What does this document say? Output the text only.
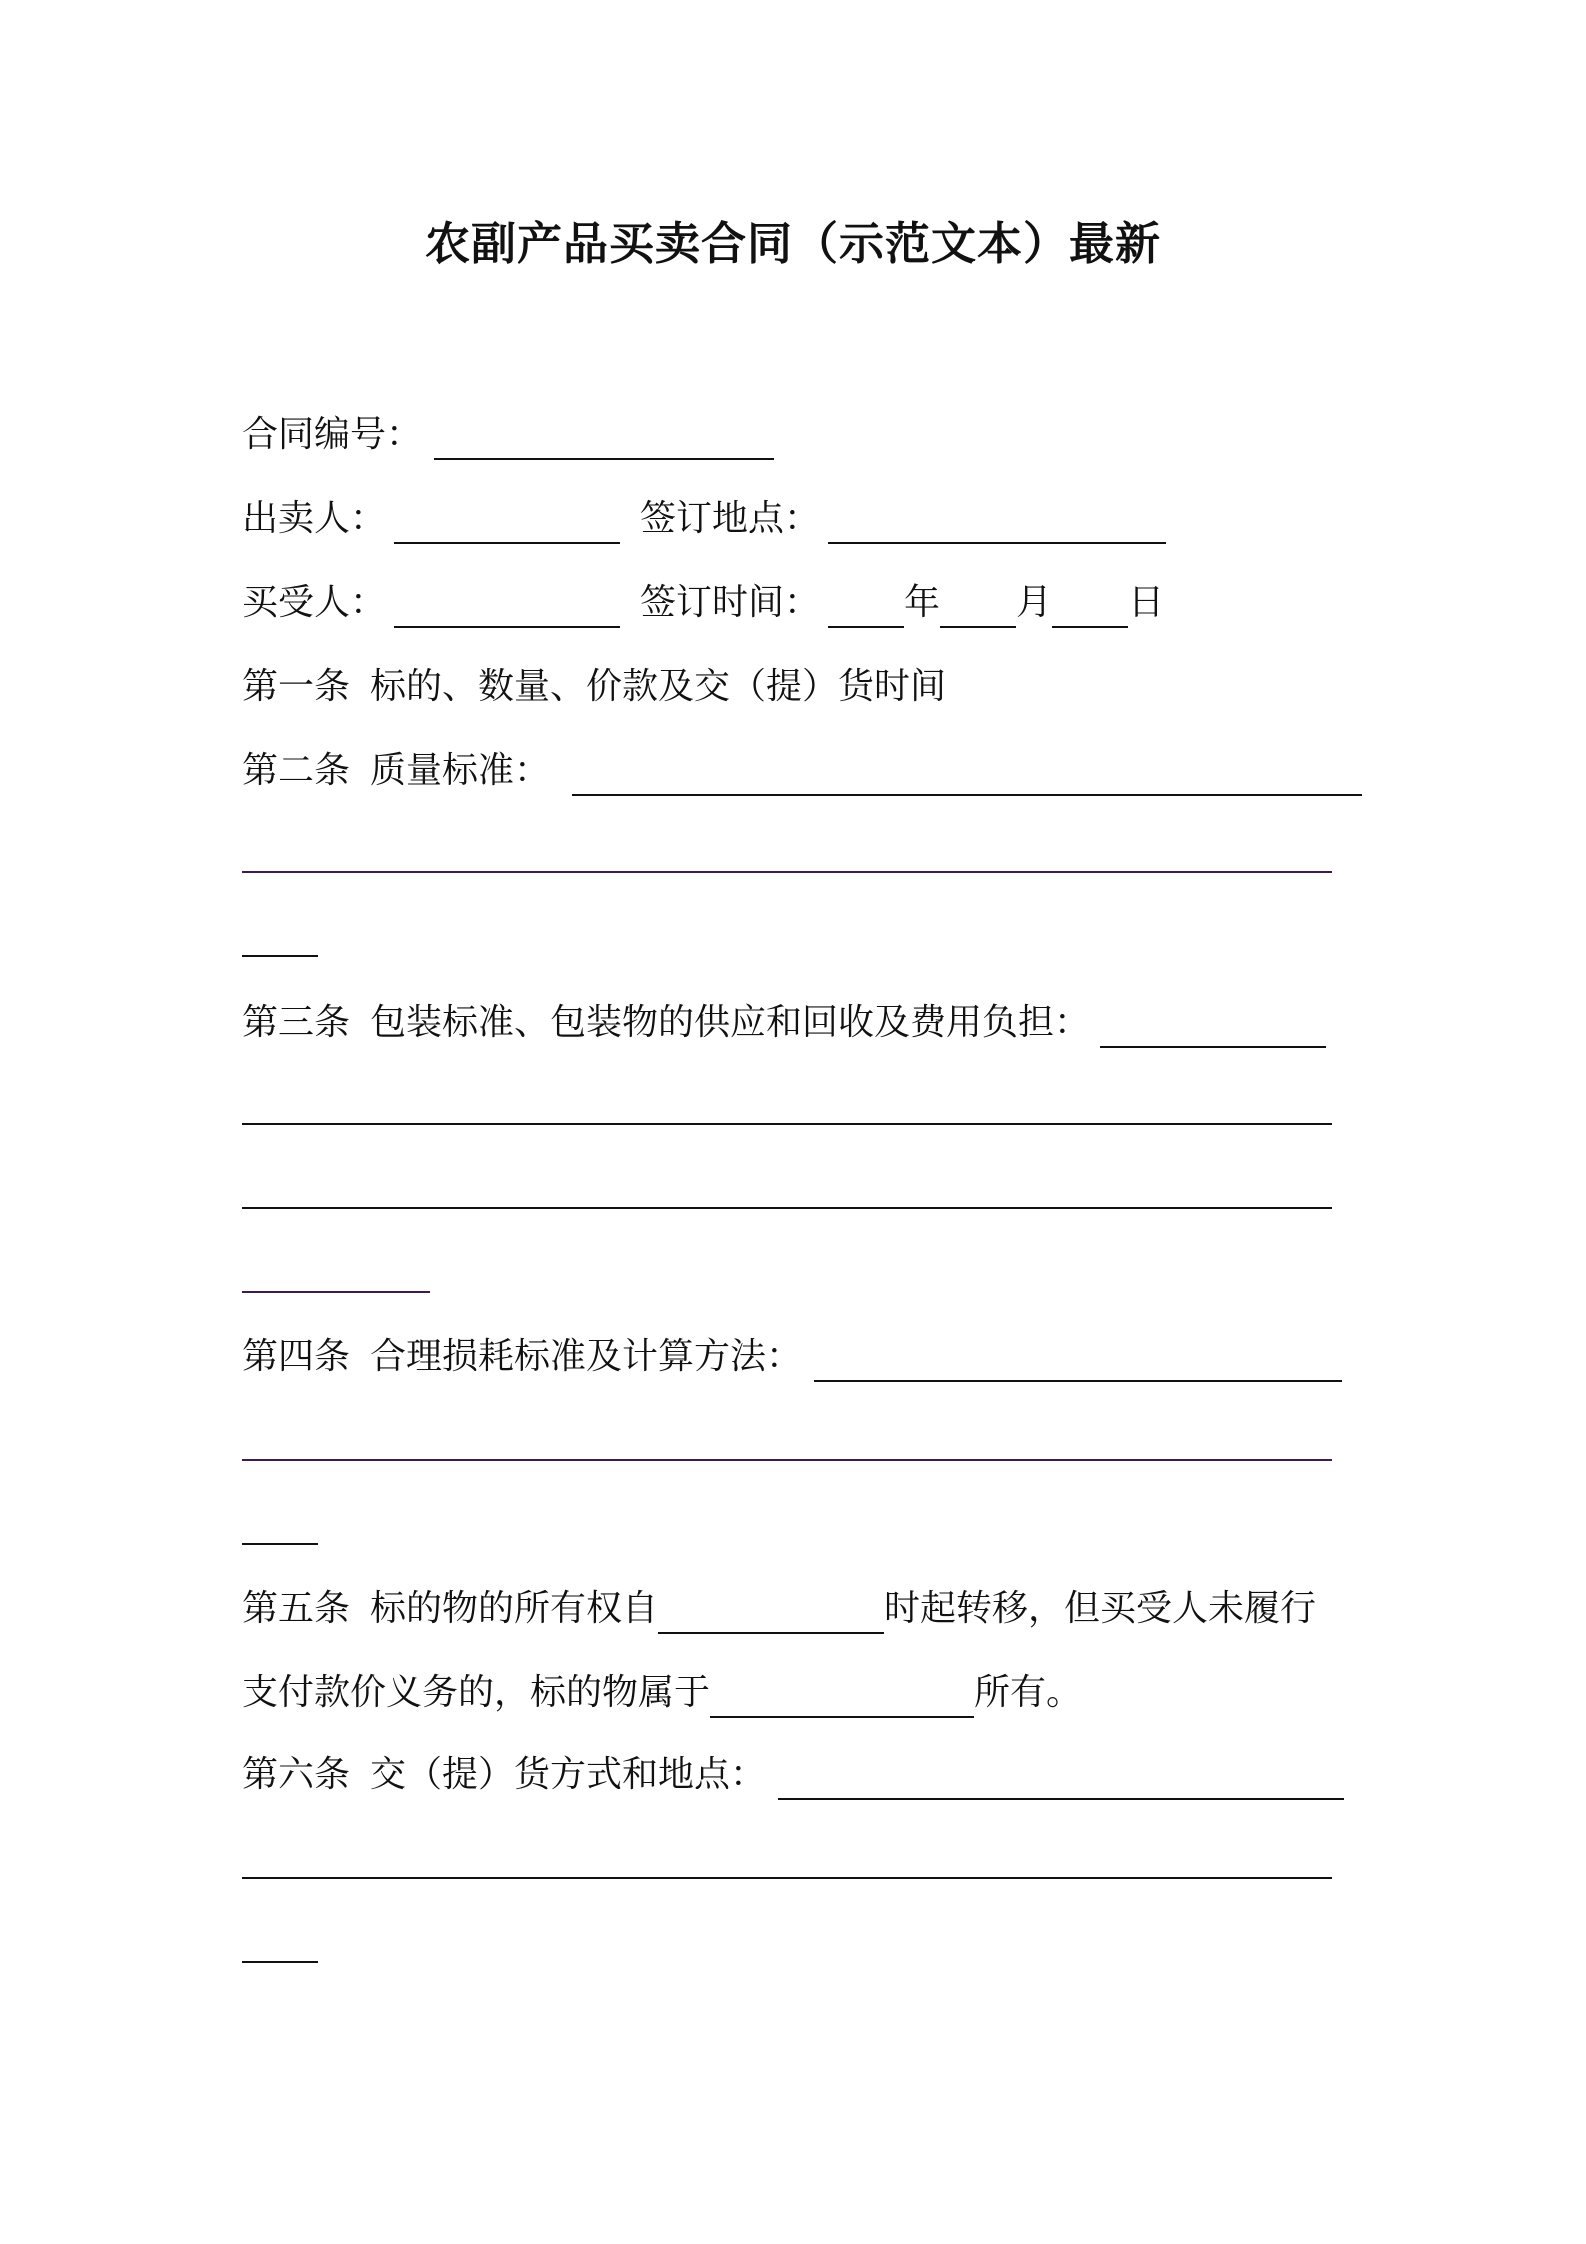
农副产品买卖合同（示范文本）最新
合同编号：
出卖人：	签订地点：
买受人：	签订时间： 年 月 日
第一条 标的、数量、价款及交（提）货时间
第二条 质量标准：
第三条 包装标准、包装物的供应和回收及费用负担：
第四条 合理损耗标准及计算方法：
第五条 标的物的所有权自	时起转移，但买受人未履行
支付款价义务的，标的物属于	所有。
第六条 交（提）货方式和地点：
